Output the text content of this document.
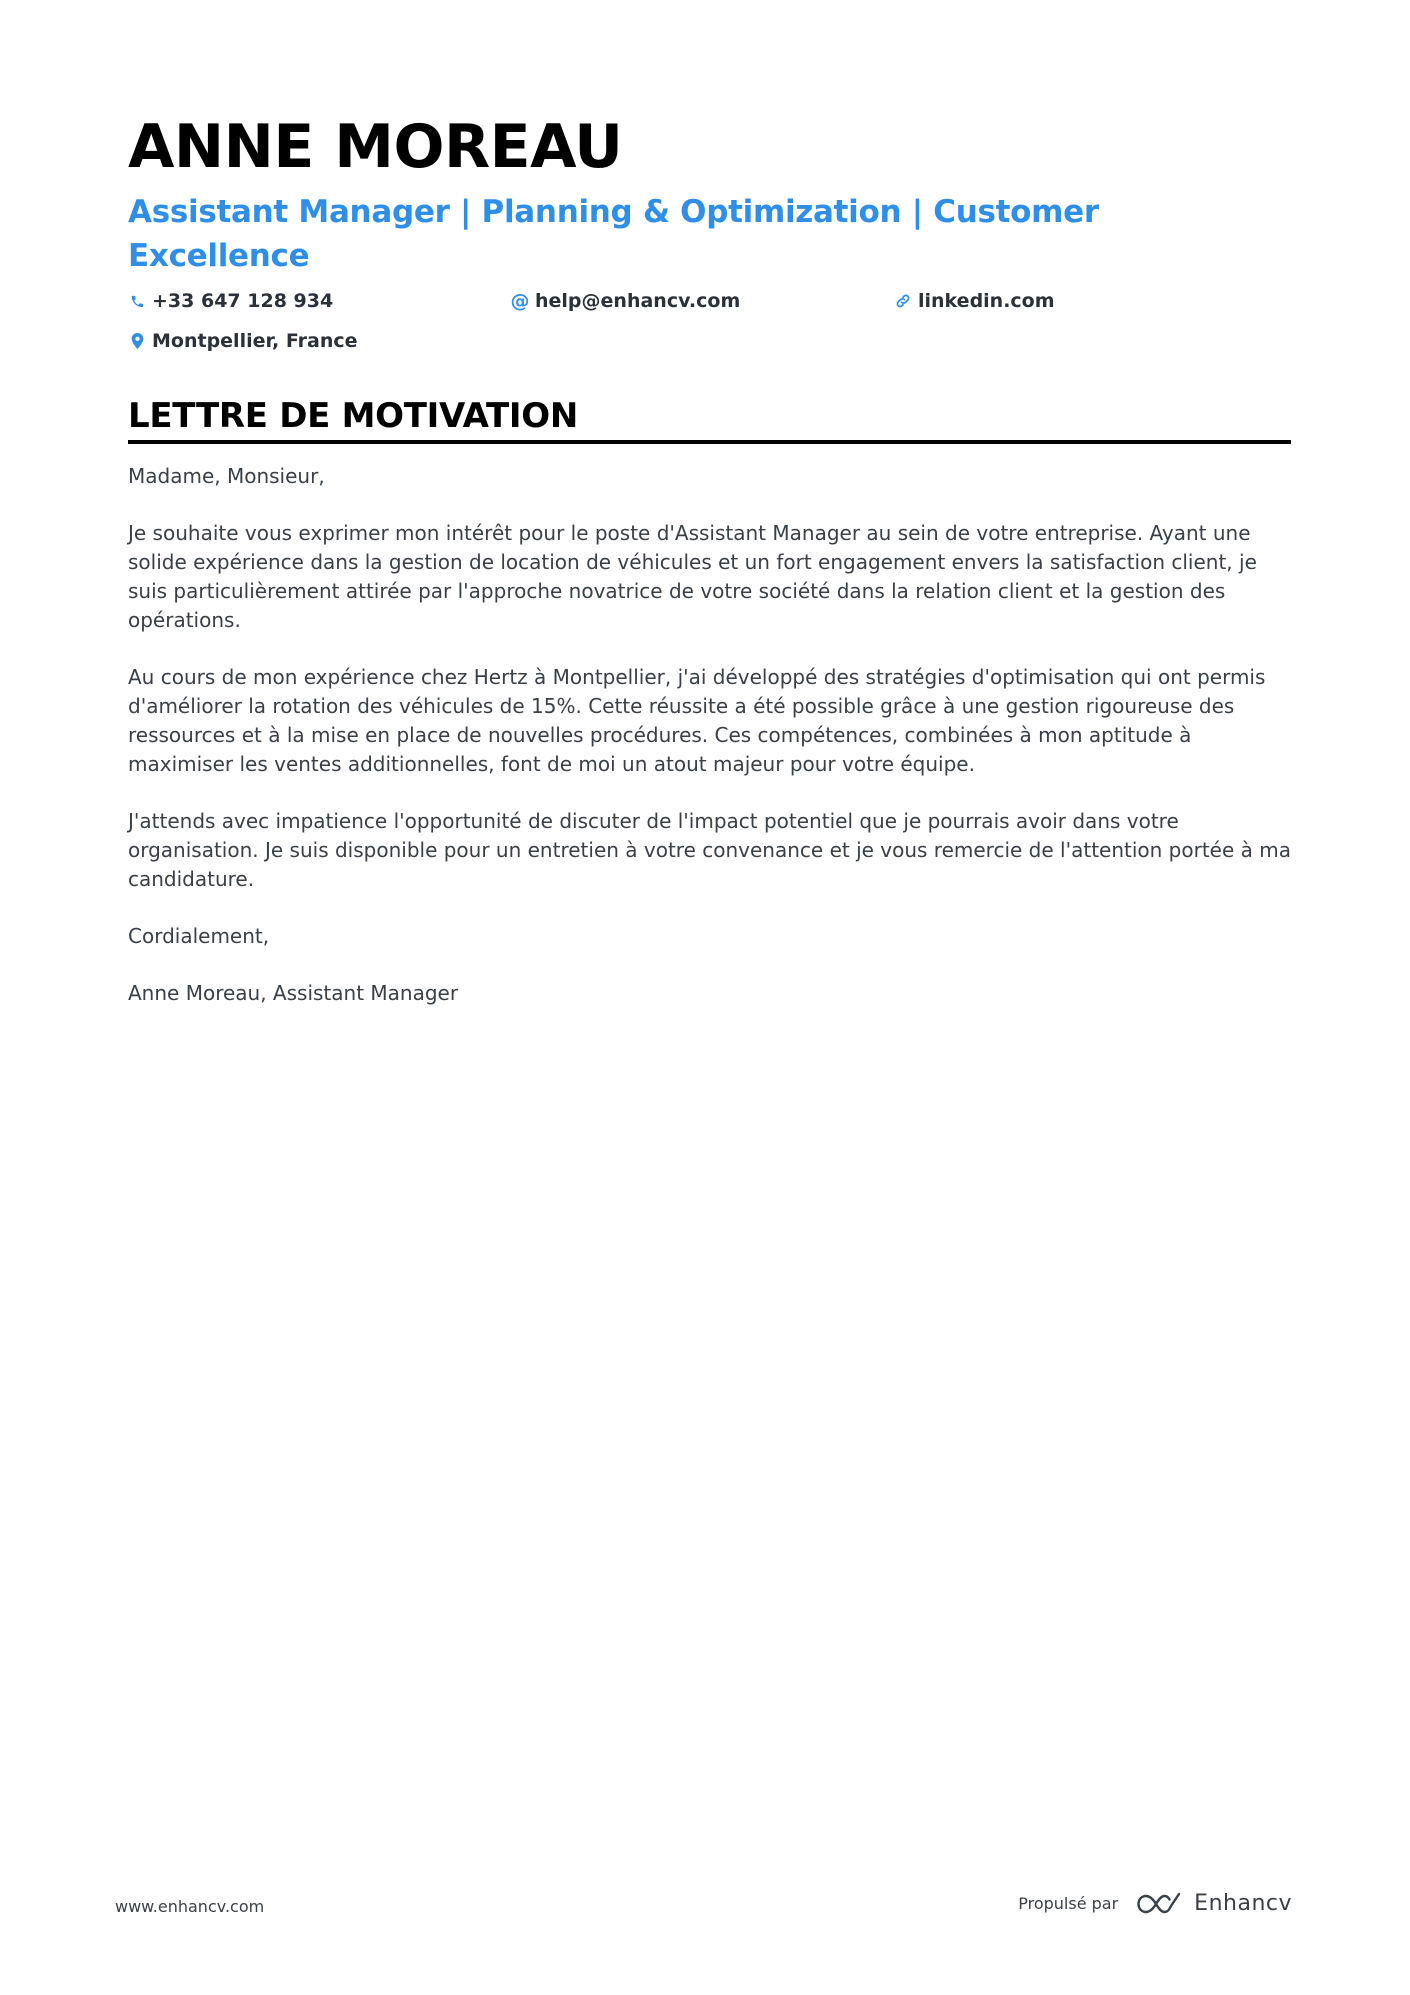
ANNE MOREAU
Assistant Manager | Planning & Optimization | Customer Excellence
+33 647 128 934	@ help@enhancv.com	linkedin.com
Montpellier, France
LETTRE DE MOTIVATION

Madame, Monsieur,

Je souhaite vous exprimer mon intérêt pour le poste d'Assistant Manager au sein de votre entreprise. Ayant une solide expérience dans la gestion de location de véhicules et un fort engagement envers la satisfaction client, je suis particulièrement attirée par l'approche novatrice de votre société dans la relation client et la gestion des opérations.

Au cours de mon expérience chez Hertz à Montpellier, j'ai développé des stratégies d'optimisation qui ont permis d'améliorer la rotation des véhicules de 15%. Cette réussite a été possible grâce à une gestion rigoureuse des ressources et à la mise en place de nouvelles procédures. Ces compétences, combinées à mon aptitude à maximiser les ventes additionnelles, font de moi un atout majeur pour votre équipe.

J'attends avec impatience l'opportunité de discuter de l'impact potentiel que je pourrais avoir dans votre organisation. Je suis disponible pour un entretien à votre convenance et je vous remercie de l'attention portée à ma candidature.

Cordialement,

Anne Moreau, Assistant Manager

www.enhancv.com	Propulsé par	Enhancv
